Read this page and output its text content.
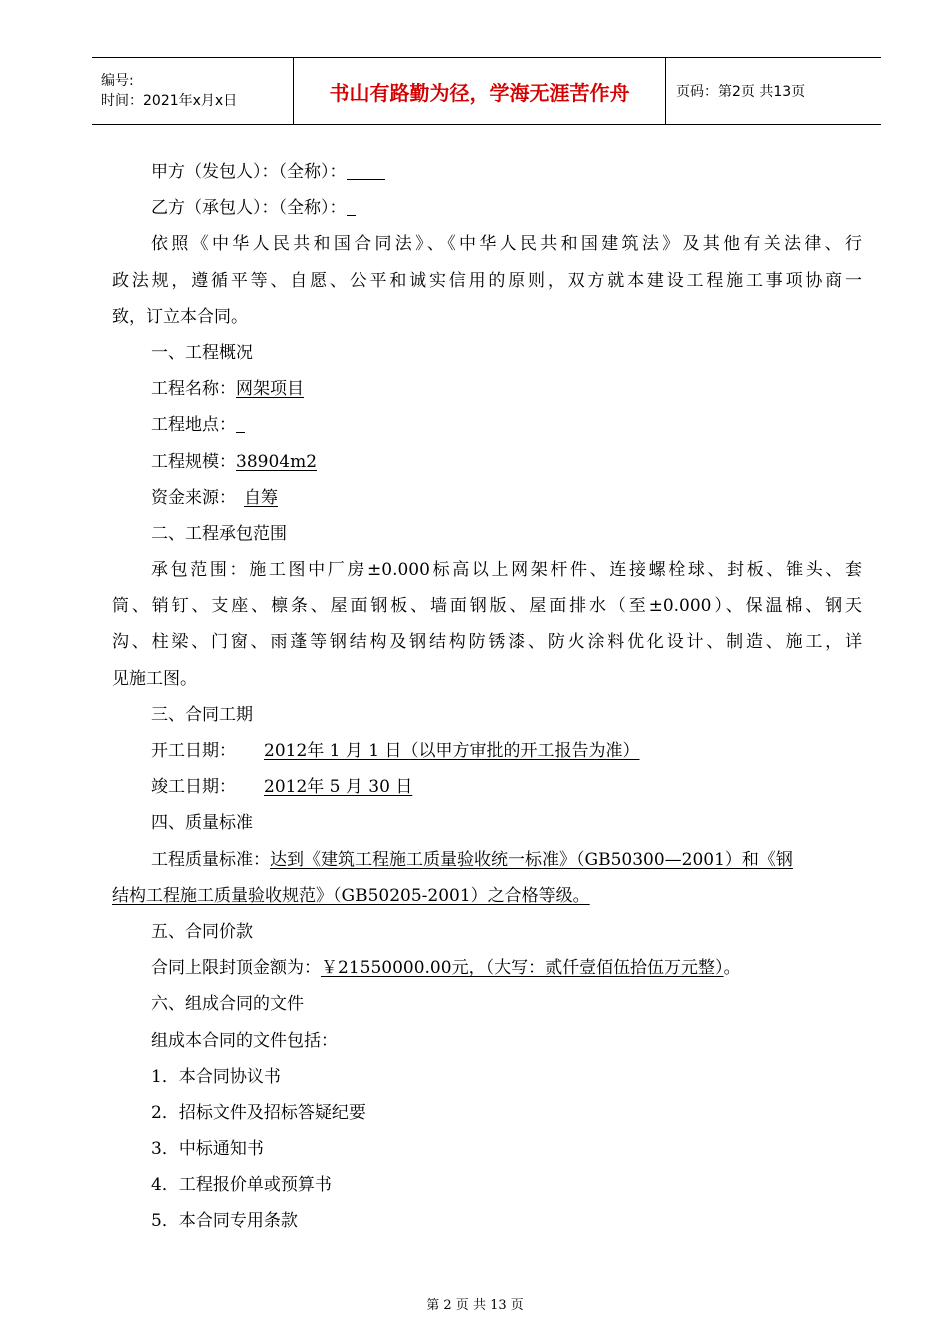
编号:
时间：2021年x月x日	书山有路勤为径，学海无涯苦作舟	页码：第2页 共13页
甲方（发包人）：（全称）：
乙方（承包人）：（全称）：
依照《中华人民共和国合同法》、《中华人民共和国建筑法》及其他有关法律、行
政法规，遵循平等、自愿、公平和诚实信用的原则，双方就本建设工程施工事项协商一
致，订立本合同。
一、工程概况
工程名称：网架项目
工程地点：
工程规模：38904m2
资金来源： 自筹
二、工程承包范围
承包范围：施工图中厂房±0.000标高以上网架杆件、连接螺栓球、封板、锥头、套
筒、销钉、支座、檩条、屋面钢板、墙面钢版、屋面排水（至±0.000）、保温棉、钢天
沟、柱梁、门窗、雨蓬等钢结构及钢结构防锈漆、防火涂料优化设计、制造、施工，详
见施工图。
三、合同工期
开工日期： 2012年 1 月 1 日（以甲方审批的开工报告为准）
竣工日期： 2012年 5 月 30 日
四、质量标准
工程质量标准：达到《建筑工程施工质量验收统一标准》（GB50300—2001）和《钢
结构工程施工质量验收规范》（GB50205-2001）之合格等级。
五、合同价款
合同上限封顶金额为：￥21550000.00元，（大写：贰仟壹佰伍拾伍万元整）。
六、组成合同的文件
组成本合同的文件包括：
1．本合同协议书
2．招标文件及招标答疑纪要
3．中标通知书
4．工程报价单或预算书
5．本合同专用条款
第 2 页 共 13 页
